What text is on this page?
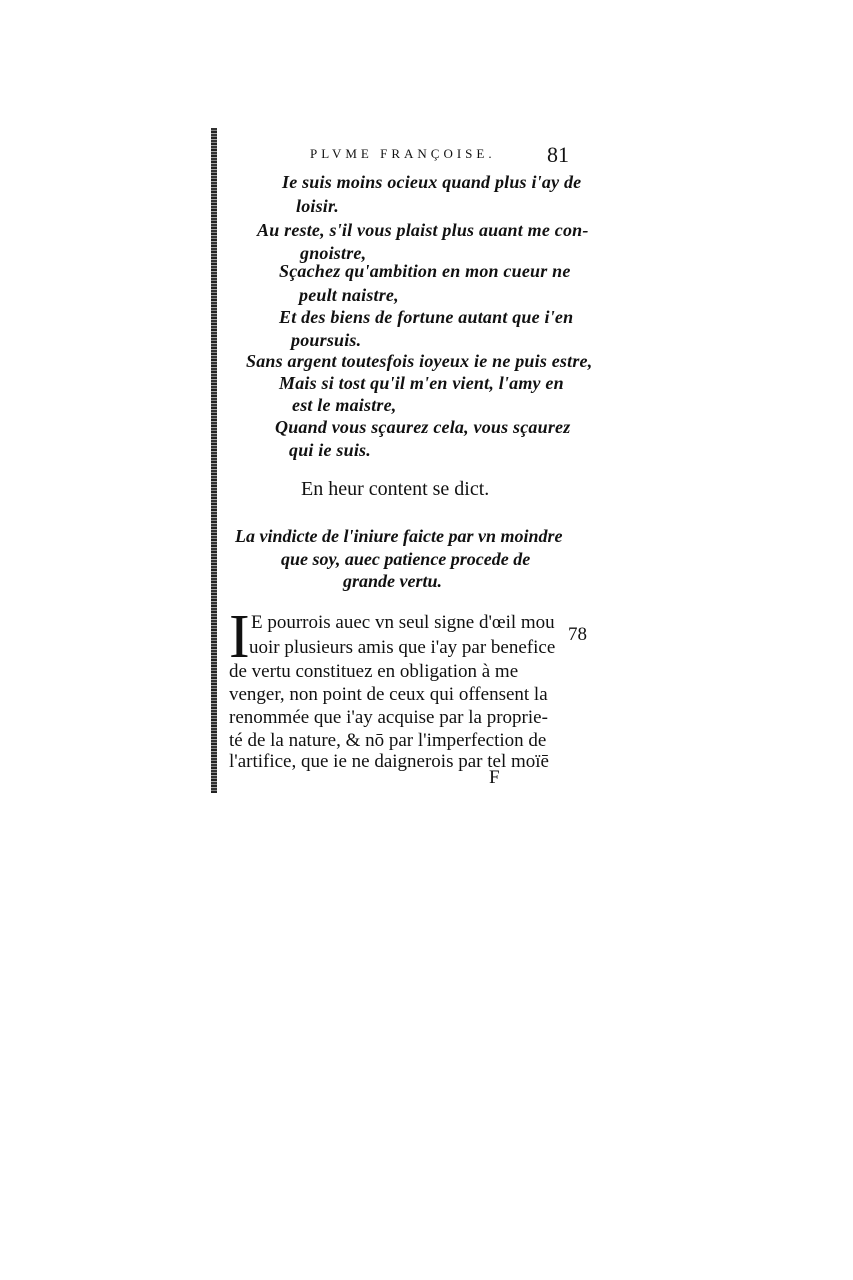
PLVME FRANÇOISE. 81

Ie suis moins ocieux quand plus i'ay de

loisir.

Au reste, s'il vous plaist plus auant me con-

gnoistre,

Sçachez qu'ambition en mon cueur ne

peult naistre,

Et des biens de fortune autant que i'en

poursuis.

Sans argent toutesfois ioyeux ie ne puis estre,

Mais si tost qu'il m'en vient, l'amy en

est le maistre,

Quand vous sçaurez cela, vous sçaurez

qui ie suis.

En heur content se dict.

La vindicte de l'iniure faicte par vn moindre

que soy, auec patience procede de

grande vertu.

I E pourrois auec vn seul signe d'œil mou

uoir plusieurs amis que i'ay par benefice

de vertu constituez en obligation à me

venger, non point de ceux qui offensent la

renommée que i'ay acquise par la proprie-

té de la nature, & nō par l'imperfection de

l'artifice, que ie ne daignerois par tel moïē

78
F
